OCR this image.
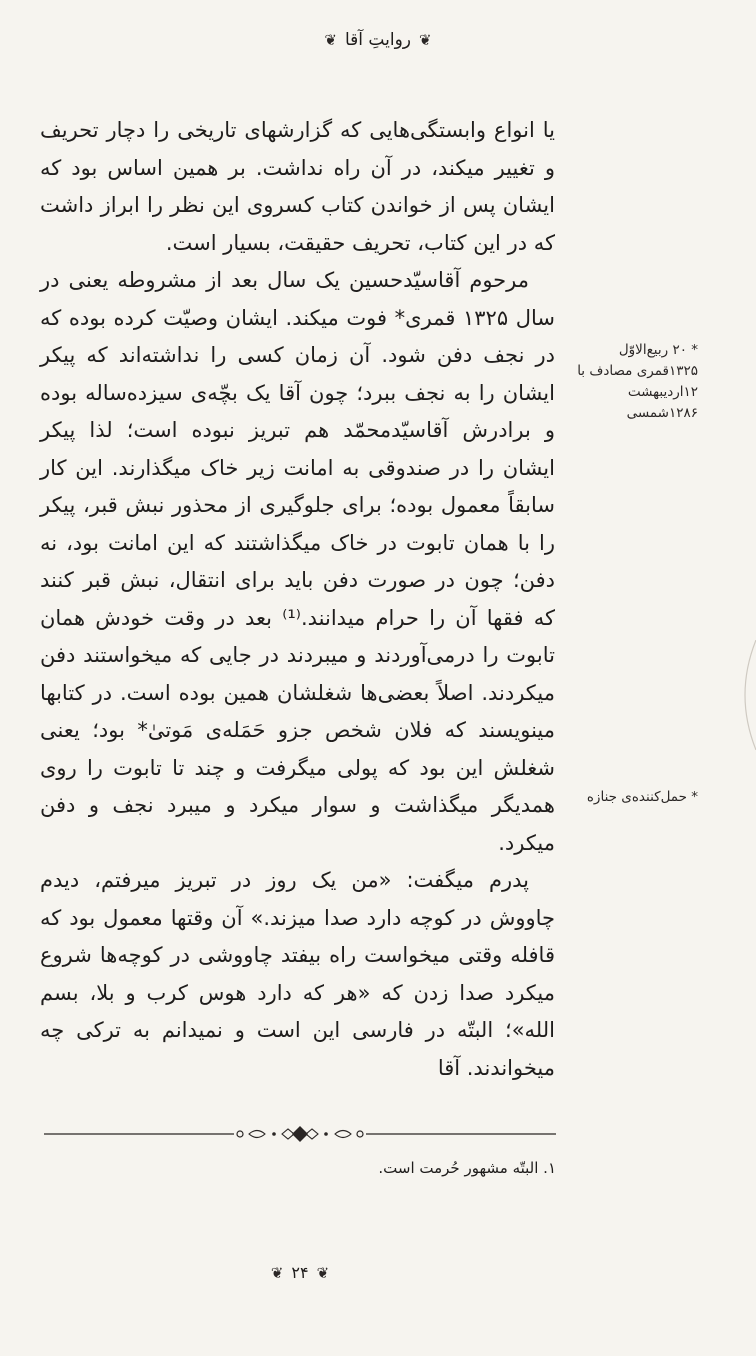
❦
روایتِ آقا
❦

یا انواع وابستگی‌هایی که گزارشهای تاریخی را دچار تحریف و تغییر میکند، در آن راه نداشت. بر همین اساس بود که ایشان پس از خواندن کتاب کسروی این نظر را ابراز داشت که در این کتاب، تحریف حقیقت، بسیار است.

مرحوم آقاسیّدحسین یک سال بعد از مشروطه یعنی در سال ۱۳۲۵ قمری* فوت میکند. ایشان وصیّت کرده بوده که در نجف دفن شود. آن زمان کسی را نداشته‌اند که پیکر ایشان را به نجف ببرد؛ چون آقا یک بچّه‌ی سیزده‌ساله بوده و برادرش آقاسیّدمحمّد هم تبریز نبوده است؛ لذا پیکر ایشان را در صندوقی به امانت زیر خاک میگذارند. این کار سابقاً معمول بوده؛ برای جلوگیری از محذور نبش قبر، پیکر را با همان تابوت در خاک میگذاشتند که این امانت بود، نه دفن؛ چون در صورت دفن باید برای انتقال، نبش قبر کنند که فقها آن را حرام میدانند.⁽¹⁾ بعد در وقت خودش همان تابوت را درمی‌آوردند و میبردند در جایی که میخواستند دفن میکردند. اصلاً بعضی‌ها شغلشان همین بوده است. در کتابها مینویسند که فلان شخص جزو حَمَله‌ی مَوتیٰ* بود؛ یعنی شغلش این بود که پولی میگرفت و چند تا تابوت را روی همدیگر میگذاشت و سوار میکرد و میبرد نجف و دفن میکرد.

پدرم میگفت: «من یک روز در تبریز میرفتم، دیدم چاووش در کوچه دارد صدا میزند.» آن وقتها معمول بود که قافله وقتی میخواست راه بیفتد چاووشی در کوچه‌ها شروع میکرد صدا زدن که «هر که دارد هوس کرب و بلا، بسم الله»؛ البتّه در فارسی این است و نمیدانم به ترکی چه میخواندند. آقا

* ۲۰ ربیع‌الاوّل ۱۳۲۵قمری مصادف با ۱۲اردیبهشت ۱۲۸۶شمسی
* حمل‌کننده‌ی جنازه
۱. البتّه مشهور حُرمت است.
❦ ۲۴ ❦
